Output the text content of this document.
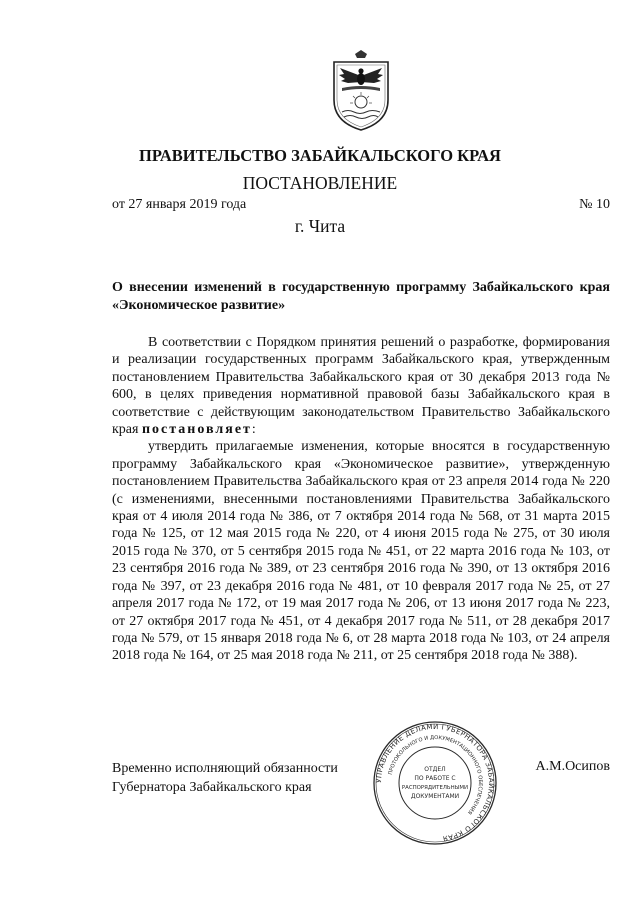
ПРАВИТЕЛЬСТВО ЗАБАЙКАЛЬСКОГО КРАЯ
ПОСТАНОВЛЕНИЕ
от 27 января 2019 года	№ 10
г. Чита
О внесении изменений в государственную программу Забайкальского края «Экономическое развитие»

В соответствии с Порядком принятия решений о разработке, формирования и реализации государственных программ Забайкальского края, утвержденным постановлением Правительства Забайкальского края от 30 декабря 2013 года № 600, в целях приведения нормативной правовой базы Забайкальского края в соответствие с действующим законодательством Правительство Забайкальского края постановляет:

утвердить прилагаемые изменения, которые вносятся в государственную программу Забайкальского края «Экономическое развитие», утвержденную постановлением Правительства Забайкальского края от 23 апреля 2014 года № 220 (с изменениями, внесенными постановлениями Правительства Забайкальского края от 4 июля 2014 года № 386, от 7 октября 2014 года № 568, от 31 марта 2015 года № 125, от 12 мая 2015 года № 220, от 4 июня 2015 года № 275, от 30 июля 2015 года № 370, от 5 сентября 2015 года № 451, от 22 марта 2016 года № 103, от 23 сентября 2016 года № 389, от 23 сентября 2016 года № 390, от 13 октября 2016 года № 397, от 23 декабря 2016 года № 481, от 10 февраля 2017 года № 25, от 27 апреля 2017 года № 172, от 19 мая 2017 года № 206, от 13 июня 2017 года № 223, от 27 октября 2017 года № 451, от 4 декабря 2017 года № 511, от 28 декабря 2017 года № 579, от 15 января 2018 года № 6, от 28 марта 2018 года № 103, от 24 апреля 2018 года № 164, от 25 мая 2018 года № 211, от 25 сентября 2018 года № 388).

Временно исполняющий обязанности
Губернатора Забайкальского края
А.М.Осипов
УПРАВЛЕНИЕ ДЕЛАМИ ГУБЕРНАТОРА ЗАБАЙКАЛЬСКОГО КРАЯ
ПРОТОКОЛЬНОГО И ДОКУМЕНТАЦИОННОГО ОБЕСПЕЧЕНИЯ
ОТДЕЛ
ПО РАБОТЕ С
РАСПОРЯДИТЕЛЬНЫМИ
ДОКУМЕНТАМИ
